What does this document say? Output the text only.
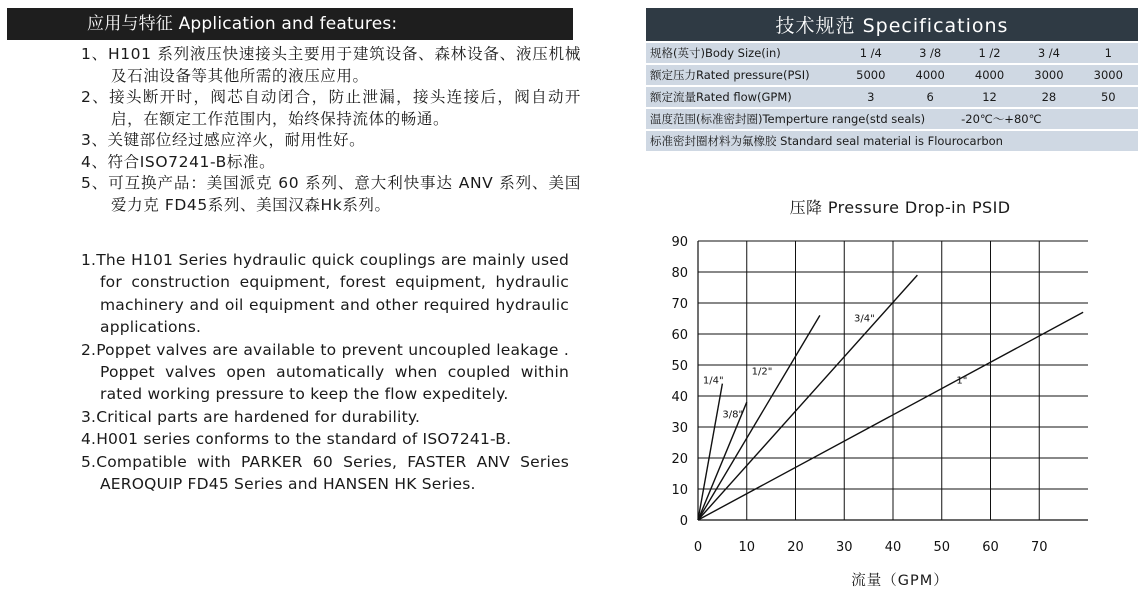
应用与特征 Application and features:
1、H101 系列液压快速接头主要用于建筑设备、森林设备、液压机械及石油设备等其他所需的液压应用。
2、接头断开时，阀芯自动闭合，防止泄漏，接头连接后，阀自动开启，在额定工作范围内，始终保持流体的畅通。
3、关键部位经过感应淬火，耐用性好。
4、符合ISO7241-B标准。
5、可互换产品：美国派克 60 系列、意大利快事达 ANV 系列、美国爱力克 FD45系列、美国汉森Hk系列。
1.The H101 Series hydraulic quick couplings are mainly used for construction equipment, forest equipment, hydraulic machinery and oil equipment and other required hydraulic applications.
2.Poppet valves are available to prevent uncoupled leakage . Poppet valves open automatically when coupled within rated working pressure to keep the flow expeditely.
3.Critical parts are hardened for durability.
4.H001 series conforms to the standard of ISO7241-B.
5.Compatible with PARKER 60 Series, FASTER ANV Series AEROQUIP FD45 Series and HANSEN HK Series.
技术规范 Specifications
规格(英寸)Body Size(in)	1 /4	3 /8	1 /2	3 /4	1
额定压力Rated pressure(PSI)	5000	4000	4000	3000	3000
额定流量Rated flow(GPM)	3	6	12	28	50
温度范围(标准密封圈)Temperture range(std seals) -20℃～+80℃					
标准密封圈材料为氟橡胶 Standard seal material is Flourocarbon					
压降 Pressure Drop-in PSID
0
10
20
30
40
50
60
70
80
90
0	10 20 30 40 50 60 70
1/4"
3/8"
1/2"
3/4"
1"
流量（GPM）
